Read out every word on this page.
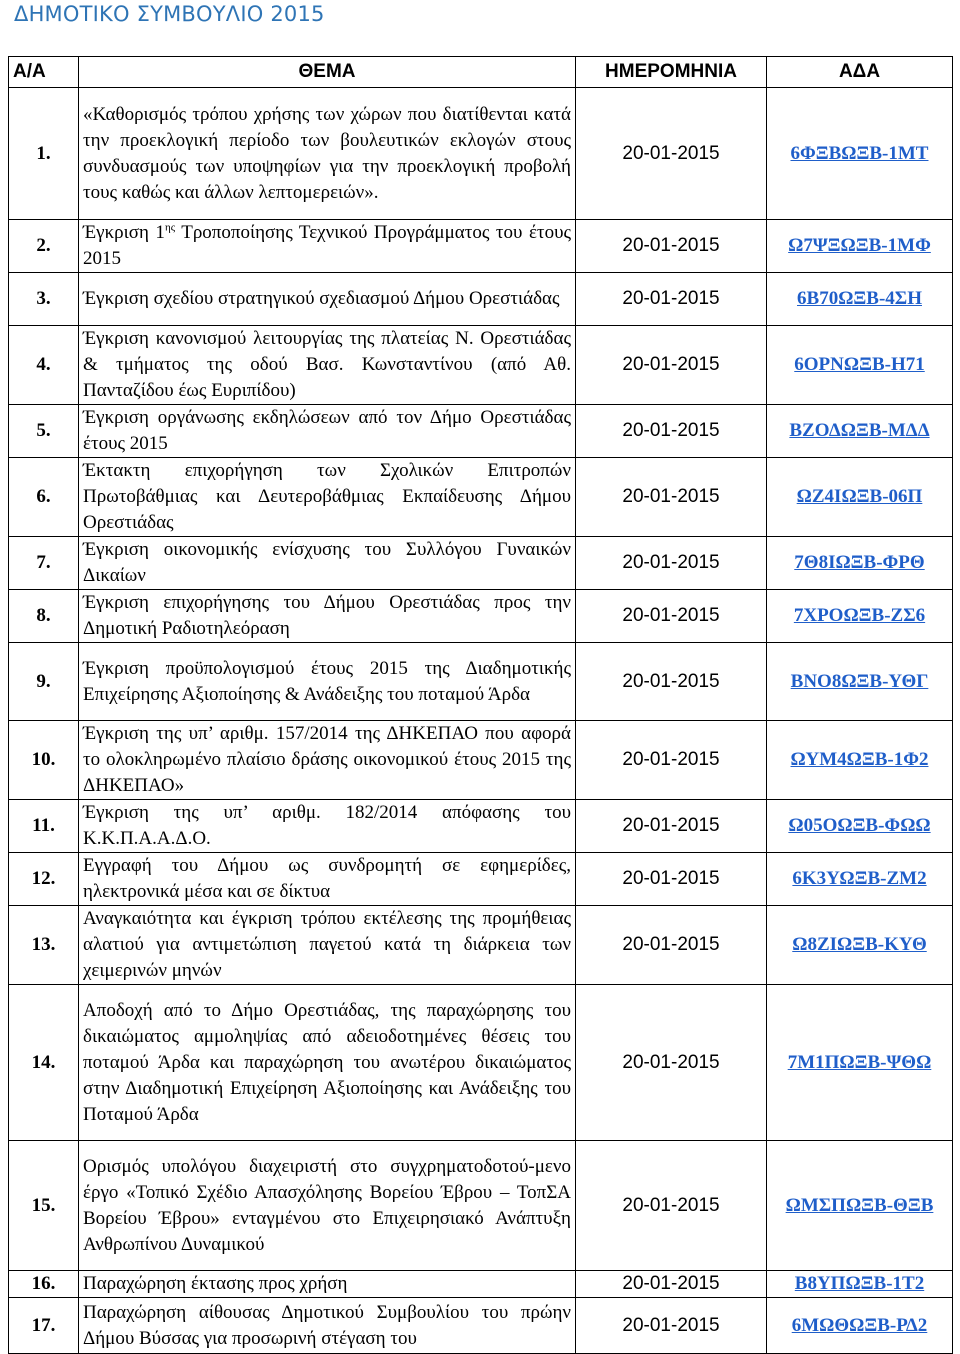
ΔΗΜΟΤΙΚΟ ΣΥΜΒΟΥΛΙΟ 2015
Α/Α	ΘΕΜΑ	ΗΜΕΡΟΜΗΝΙΑ	ΑΔΑ
1.	«Καθορισμός τρόπου χρήσης των χώρων που διατίθενται κατά την προεκλογική περίοδο των βουλευτικών εκλογών στους συνδυασμούς των υποψηφίων για την προεκλογική προβολή τους καθώς και άλλων λεπτομερειών».	20-01-2015	6ΦΞΒΩΞΒ-1ΜΤ
2.	Έγκριση $1^{\eta\varsigma}$ Τροποποίησης Τεχνικού Προγράμματος του έτους 2015	20-01-2015	Ω7ΨΞΩΞΒ-1ΜΦ
3.	Έγκριση σχεδίου στρατηγικού σχεδιασμού Δήμου Ορεστιάδας	20-01-2015	6Β70ΩΞΒ-4ΣΗ
4.	Έγκριση κανονισμού λειτουργίας της πλατείας Ν. Ορεστιάδας & τμήματος της οδού Βασ. Κωνσταντίνου (από Αθ. Πανταζίδου έως Ευριπίδου)	20-01-2015	6ΟΡΝΩΞΒ-Η71
5.	Έγκριση οργάνωσης εκδηλώσεων από τον Δήμο Ορεστιάδας έτους 2015	20-01-2015	ΒΖΟΔΩΞΒ-ΜΔΔ
6.	Έκτακτη επιχορήγηση των Σχολικών Επιτροπών Πρωτοβάθμιας και Δευτεροβάθμιας Εκπαίδευσης Δήμου Ορεστιάδας	20-01-2015	ΩΖ4ΙΩΞΒ-06Π
7.	Έγκριση οικονομικής ενίσχυσης του Συλλόγου Γυναικών Δικαίων	20-01-2015	7Θ8ΙΩΞΒ-ΦΡΘ
8.	Έγκριση επιχορήγησης του Δήμου Ορεστιάδας προς την Δημοτική Ραδιοτηλεόραση	20-01-2015	7ΧΡΟΩΞΒ-ΖΣ6
9.	Έγκριση προϋπολογισμού έτους 2015 της Διαδημοτικής Επιχείρησης Αξιοποίησης & Ανάδειξης του ποταμού Άρδα	20-01-2015	ΒΝΟ8ΩΞΒ-ΥΘΓ
10.	Έγκριση της υπ’ αριθμ. 157/2014 της ΔΗΚΕΠΑΟ που αφορά το ολοκληρωμένο πλαίσιο δράσης οικονομικού έτους 2015 της ΔΗΚΕΠΑΟ»	20-01-2015	ΩΥΜ4ΩΞΒ-1Φ2
11.	Έγκριση της υπ’ αριθμ. 182/2014 απόφασης του Κ.Κ.Π.Α.Α.Δ.Ο.	20-01-2015	Ω05ΟΩΞΒ-ΦΩΩ
12.	Εγγραφή του Δήμου ως συνδρομητή σε εφημερίδες, ηλεκτρονικά μέσα και σε δίκτυα	20-01-2015	6Κ3ΥΩΞΒ-ΖΜ2
13.	Αναγκαιότητα και έγκριση τρόπου εκτέλεσης της προμήθειας αλατιού για αντιμετώπιση παγετού κατά τη διάρκεια των χειμερινών μηνών	20-01-2015	Ω8ΖΙΩΞΒ-ΚΥΘ
14.	Αποδοχή από το Δήμο Ορεστιάδας, της παραχώρησης του δικαιώματος αμμοληψίας από αδειοδοτημένες θέσεις του ποταμού Άρδα και παραχώρηση του ανωτέρου δικαιώματος στην Διαδημοτική Επιχείρηση Αξιοποίησης και Ανάδειξης του Ποταμού Άρδα	20-01-2015	7Μ1ΠΩΞΒ-ΨΘΩ
15.	Ορισμός υπολόγου διαχειριστή στο συγχρηματοδοτού-μενο έργο «Τοπικό Σχέδιο Απασχόλησης Βορείου Έβρου – ΤοπΣΑ Βορείου Έβρου» ενταγμένου στο Επιχειρησιακό Ανάπτυξη Ανθρωπίνου Δυναμικού	20-01-2015	ΩΜΣΠΩΞΒ-ΘΞΒ
16.	Παραχώρηση έκτασης προς χρήση	20-01-2015	Β8ΥΠΩΞΒ-1Τ2
17.	Παραχώρηση αίθουσας Δημοτικού Συμβουλίου του πρώην Δήμου Βύσσας για προσωρινή στέγαση του	20-01-2015	6ΜΩΘΩΞΒ-ΡΔ2
